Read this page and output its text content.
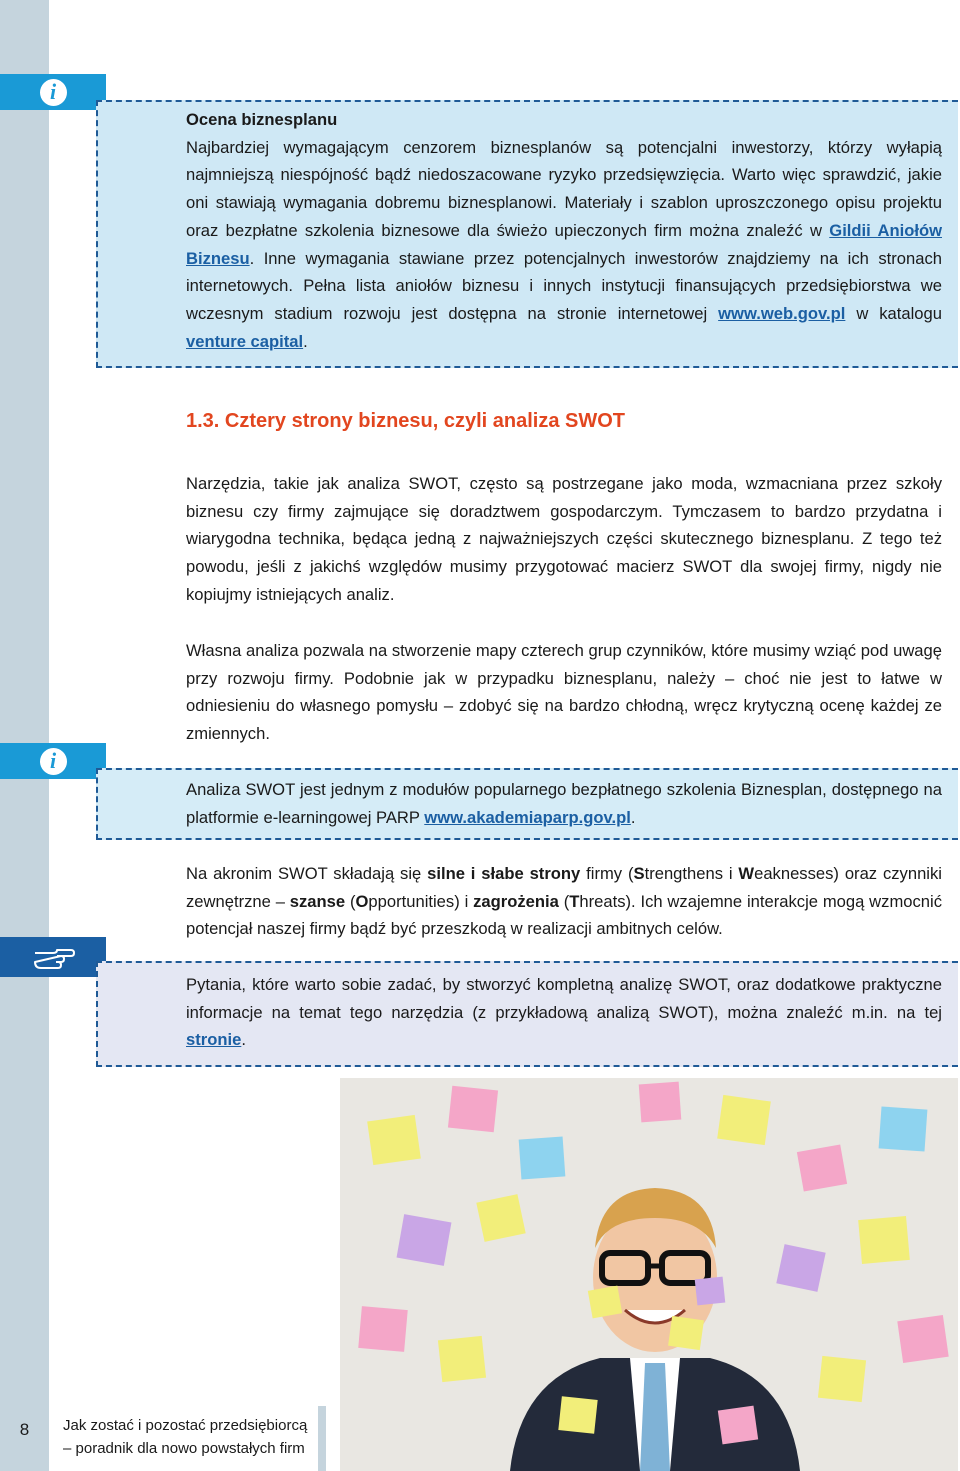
i

Ocena biznesplanu

Najbardziej wymagającym cenzorem biznesplanów są potencjalni inwestorzy, którzy wyłapią najmniejszą niespójność bądź niedoszacowane ryzyko przedsięwzięcia. Warto więc sprawdzić, jakie oni stawiają wymagania dobremu biznesplanowi. Materiały i szablon uproszczonego opisu projektu oraz bezpłatne szkolenia biznesowe dla świeżo upieczonych firm można znaleźć w Gildii Aniołów Biznesu. Inne wymagania stawiane przez potencjalnych inwestorów znajdziemy na ich stronach internetowych. Pełna lista aniołów biznesu i innych instytucji finansujących przedsiębiorstwa we wczesnym stadium rozwoju jest dostępna na stronie internetowej www.web.gov.pl w katalogu venture capital.

1.3. Cztery strony biznesu, czyli analiza SWOT

Narzędzia, takie jak analiza SWOT, często są postrzegane jako moda, wzmacniana przez szkoły biznesu czy firmy zajmujące się doradztwem gospodarczym. Tymczasem to bardzo przydatna i wiarygodna technika, będąca jedną z najważniejszych części skutecznego biznesplanu. Z tego też powodu, jeśli z jakichś względów musimy przygotować macierz SWOT dla swojej firmy, nigdy nie kopiujmy istniejących analiz.

Własna analiza pozwala na stworzenie mapy czterech grup czynników, które musimy wziąć pod uwagę przy rozwoju firmy. Podobnie jak w przypadku biznesplanu, należy – choć nie jest to łatwe w odniesieniu do własnego pomysłu – zdobyć się na bardzo chłodną, wręcz krytyczną ocenę każdej ze zmiennych.

i

Analiza SWOT jest jednym z modułów popularnego bezpłatnego szkolenia Biznesplan, dostępnego na platformie e-learningowej PARP www.akademiaparp.gov.pl.

Na akronim SWOT składają się silne i słabe strony firmy (Strengthens i Weaknesses) oraz czynniki zewnętrzne – szanse (Opportunities) i zagrożenia (Threats). Ich wzajemne interakcje mogą wzmocnić potencjał naszej firmy bądź być przeszkodą w realizacji ambitnych celów.

Pytania, które warto sobie zadać, by stworzyć kompletną analizę SWOT, oraz dodatkowe praktyczne informacje na temat tego narzędzia (z przykładową analizą SWOT), można znaleźć m.in. na tej stronie.

8	Jak zostać i pozostać przedsiębiorcą
– poradnik dla nowo powstałych firm
